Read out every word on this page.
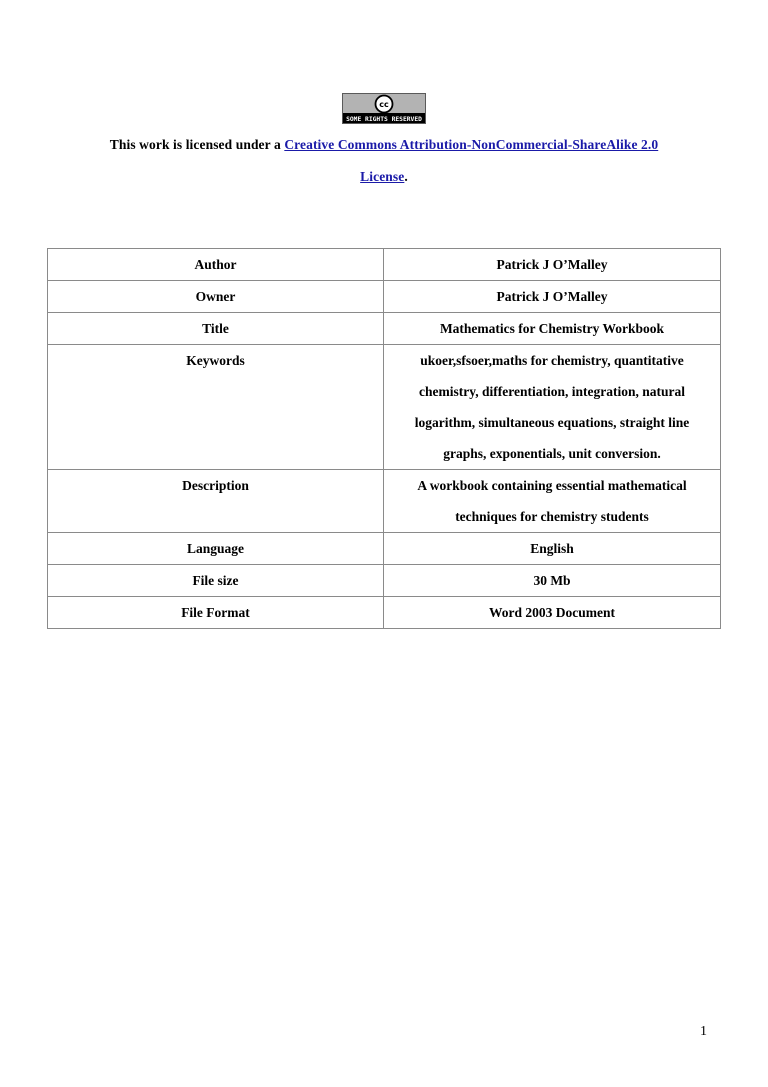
cc
SOME RIGHTS RESERVED
This work is licensed under a Creative Commons Attribution-NonCommercial-ShareAlike 2.0
License.
Author	Patrick J O’Malley
Owner	Patrick J O’Malley
Title	Mathematics for Chemistry Workbook
Keywords	ukoer,sfsoer,maths for chemistry, quantitative chemistry, differentiation, integration, natural logarithm, simultaneous equations, straight line graphs, exponentials, unit conversion.
Description	A workbook containing essential mathematical techniques for chemistry students
Language	English
File size	30 Mb
File Format	Word 2003 Document
1
